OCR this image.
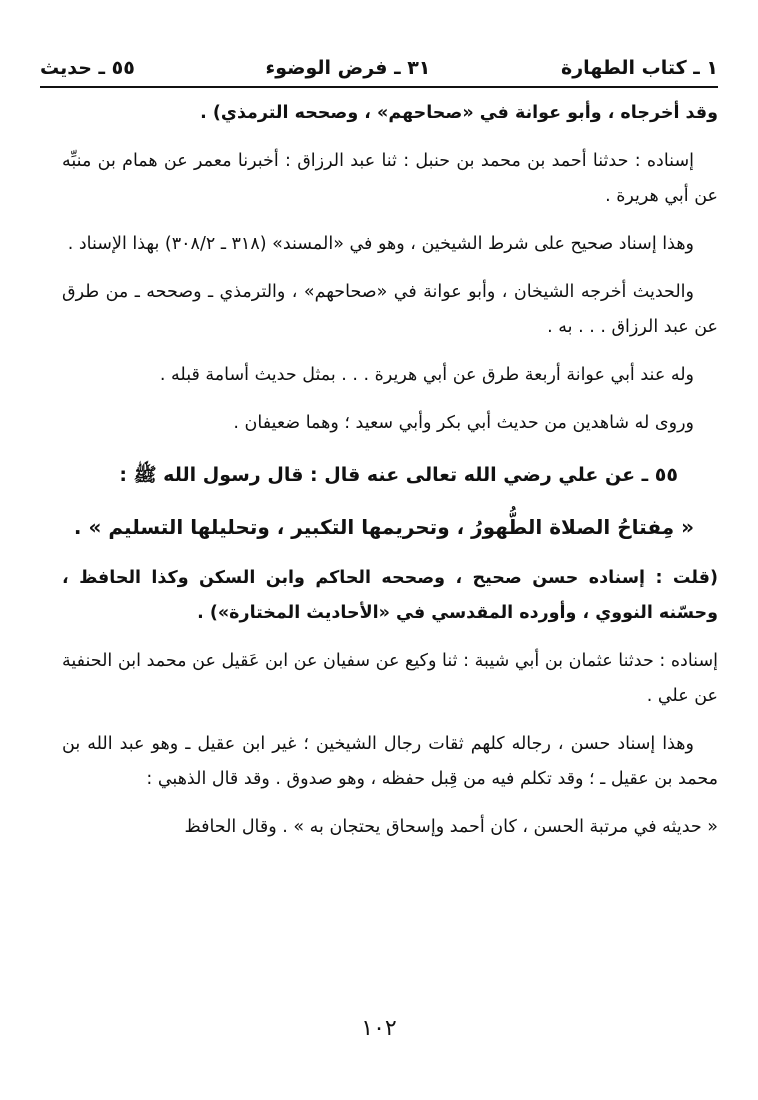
١ ـ كتاب الطهارة
٣١ ـ فرض الوضوء
٥٥ ـ حديث
وقد أخرجاه ، وأبو عوانة في «صحاحهم» ، وصححه الترمذي) .
إسناده : حدثنا أحمد بن محمد بن حنبل : ثنا عبد الرزاق : أخبرنا معمر عن همام بن منبِّه عن أبي هريرة .
وهذا إسناد صحيح على شرط الشيخين ، وهو في «المسند» (٣١٨ ـ ٣٠٨/٢) بهذا الإسناد .
والحديث أخرجه الشيخان ، وأبو عوانة في «صحاحهم» ، والترمذي ـ وصححه ـ من طرق عن عبد الرزاق . . . به .
وله عند أبي عوانة أربعة طرق عن أبي هريرة . . . بمثل حديث أسامة قبله .
وروى له شاهدين من حديث أبي بكر وأبي سعيد ؛ وهما ضعيفان .
٥٥ ـ عن علي رضي الله تعالى عنه قال : قال رسول الله ﷺ :
« مِفتاحُ الصلاة الطُّهورُ ، وتحريمها التكبير ، وتحليلها التسليم » .
(قلت : إسناده حسن صحيح ، وصححه الحاكم وابن السكن وكذا الحافظ ، وحسّنه النووي ، وأورده المقدسي في «الأحاديث المختارة») .
إسناده : حدثنا عثمان بن أبي شيبة : ثنا وكيع عن سفيان عن ابن عَقيل عن محمد ابن الحنفية عن علي .
وهذا إسناد حسن ، رجاله كلهم ثقات رجال الشيخين ؛ غير ابن عقيل ـ وهو عبد الله بن محمد بن عقيل ـ ؛ وقد تكلم فيه من قِبل حفظه ، وهو صدوق . وقد قال الذهبي :
« حديثه في مرتبة الحسن ، كان أحمد وإسحاق يحتجان به » . وقال الحافظ
١٠٢
